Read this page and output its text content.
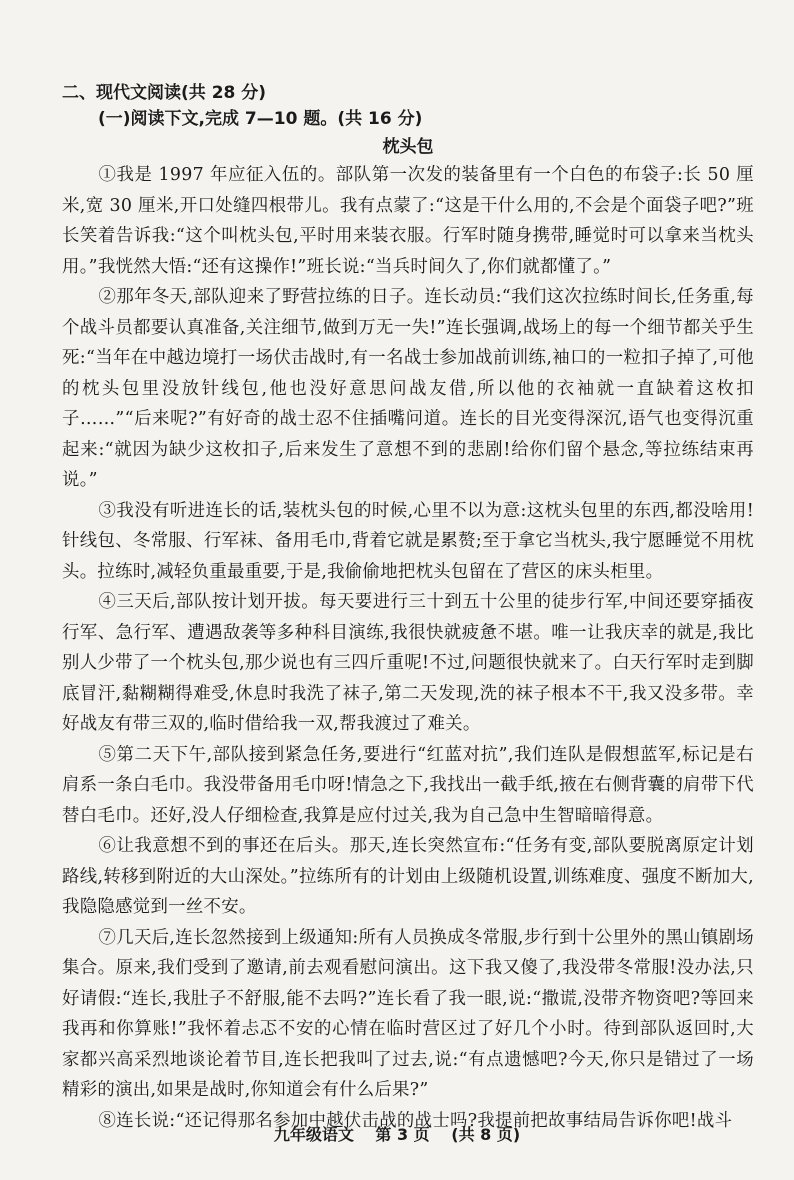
二、现代文阅读(共 28 分)
(一)阅读下文,完成 7—10 题。(共 16 分)
枕头包

①我是 1997 年应征入伍的。部队第一次发的装备里有一个白色的布袋子:长 50 厘米,宽 30 厘米,开口处缝四根带儿。我有点蒙了:“这是干什么用的,不会是个面袋子吧?”班长笑着告诉我:“这个叫枕头包,平时用来装衣服。行军时随身携带,睡觉时可以拿来当枕头用。”我恍然大悟:“还有这操作!”班长说:“当兵时间久了,你们就都懂了。”

②那年冬天,部队迎来了野营拉练的日子。连长动员:“我们这次拉练时间长,任务重,每个战斗员都要认真准备,关注细节,做到万无一失!”连长强调,战场上的每一个细节都关乎生死:“当年在中越边境打一场伏击战时,有一名战士参加战前训练,袖口的一粒扣子掉了,可他的枕头包里没放针线包,他也没好意思问战友借,所以他的衣袖就一直缺着这枚扣子……”“后来呢?”有好奇的战士忍不住插嘴问道。连长的目光变得深沉,语气也变得沉重起来:“就因为缺少这枚扣子,后来发生了意想不到的悲剧!给你们留个悬念,等拉练结束再说。”

③我没有听进连长的话,装枕头包的时候,心里不以为意:这枕头包里的东西,都没啥用!针线包、冬常服、行军袜、备用毛巾,背着它就是累赘;至于拿它当枕头,我宁愿睡觉不用枕头。拉练时,减轻负重最重要,于是,我偷偷地把枕头包留在了营区的床头柜里。

④三天后,部队按计划开拔。每天要进行三十到五十公里的徒步行军,中间还要穿插夜行军、急行军、遭遇敌袭等多种科目演练,我很快就疲惫不堪。唯一让我庆幸的就是,我比别人少带了一个枕头包,那少说也有三四斤重呢!不过,问题很快就来了。白天行军时走到脚底冒汗,黏糊糊得难受,休息时我洗了袜子,第二天发现,洗的袜子根本不干,我又没多带。幸好战友有带三双的,临时借给我一双,帮我渡过了难关。

⑤第二天下午,部队接到紧急任务,要进行“红蓝对抗”,我们连队是假想蓝军,标记是右肩系一条白毛巾。我没带备用毛巾呀!情急之下,我找出一截手纸,掖在右侧背囊的肩带下代替白毛巾。还好,没人仔细检查,我算是应付过关,我为自己急中生智暗暗得意。

⑥让我意想不到的事还在后头。那天,连长突然宣布:“任务有变,部队要脱离原定计划路线,转移到附近的大山深处。”拉练所有的计划由上级随机设置,训练难度、强度不断加大,我隐隐感觉到一丝不安。

⑦几天后,连长忽然接到上级通知:所有人员换成冬常服,步行到十公里外的黑山镇剧场集合。原来,我们受到了邀请,前去观看慰问演出。这下我又傻了,我没带冬常服!没办法,只好请假:“连长,我肚子不舒服,能不去吗?”连长看了我一眼,说:“撒谎,没带齐物资吧?等回来我再和你算账!”我怀着忐忑不安的心情在临时营区过了好几个小时。待到部队返回时,大家都兴高采烈地谈论着节目,连长把我叫了过去,说:“有点遗憾吧?今天,你只是错过了一场精彩的演出,如果是战时,你知道会有什么后果?”

⑧连长说:“还记得那名参加中越伏击战的战士吗?我提前把故事结局告诉你吧!战斗

九年级语文 第 3 页 (共 8 页)
